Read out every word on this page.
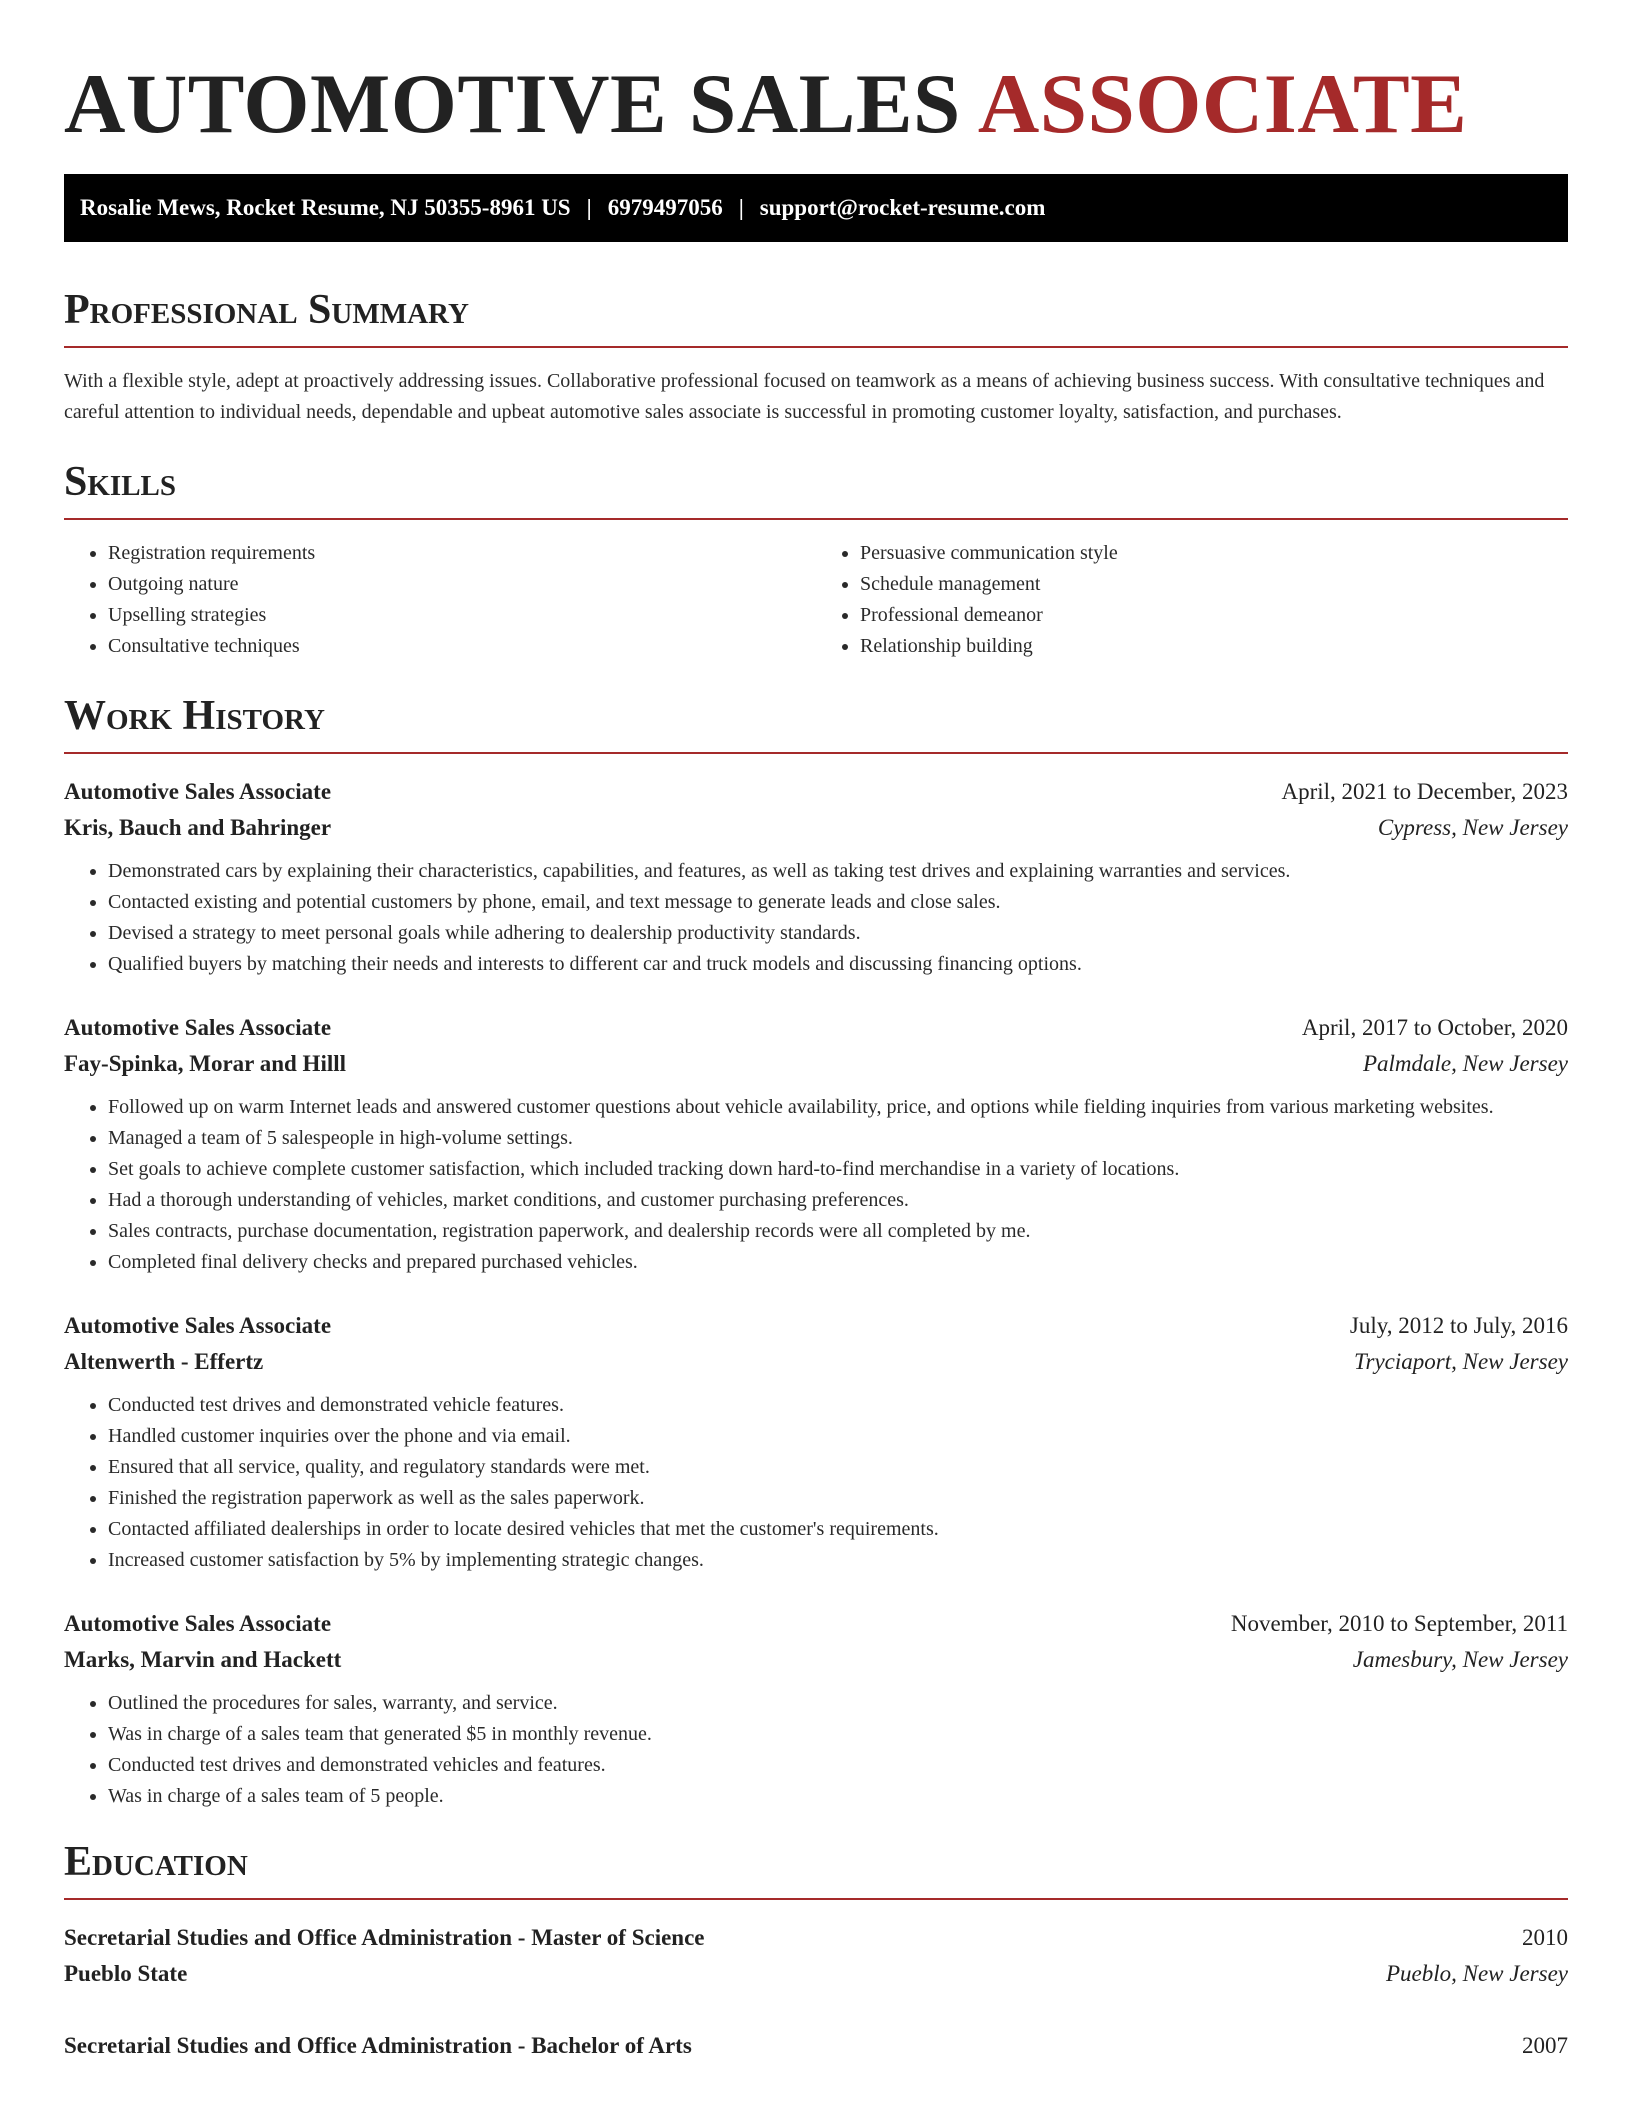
AUTOMOTIVE SALES ASSOCIATE
Rosalie Mews, Rocket Resume, NJ 50355-8961 US | 6979497056 | support@rocket-resume.com
Professional Summary

With a flexible style, adept at proactively addressing issues. Collaborative professional focused on teamwork as a means of achieving business success. With consultative techniques and careful attention to individual needs, dependable and upbeat automotive sales associate is successful in promoting customer loyalty, satisfaction, and purchases.

Skills
• Registration requirements
• Outgoing nature
• Upselling strategies
• Consultative techniques
• Persuasive communication style
• Schedule management
• Professional demeanor
• Relationship building
Work History
Automotive Sales Associate	April, 2021 to December, 2023
Kris, Bauch and Bahringer	Cypress, New Jersey
• Demonstrated cars by explaining their characteristics, capabilities, and features, as well as taking test drives and explaining warranties and services.
• Contacted existing and potential customers by phone, email, and text message to generate leads and close sales.
• Devised a strategy to meet personal goals while adhering to dealership productivity standards.
• Qualified buyers by matching their needs and interests to different car and truck models and discussing financing options.
Automotive Sales Associate	April, 2017 to October, 2020
Fay-Spinka, Morar and Hilll	Palmdale, New Jersey
• Followed up on warm Internet leads and answered customer questions about vehicle availability, price, and options while fielding inquiries from various marketing websites.
• Managed a team of 5 salespeople in high-volume settings.
• Set goals to achieve complete customer satisfaction, which included tracking down hard-to-find merchandise in a variety of locations.
• Had a thorough understanding of vehicles, market conditions, and customer purchasing preferences.
• Sales contracts, purchase documentation, registration paperwork, and dealership records were all completed by me.
• Completed final delivery checks and prepared purchased vehicles.
Automotive Sales Associate	July, 2012 to July, 2016
Altenwerth - Effertz	Tryciaport, New Jersey
• Conducted test drives and demonstrated vehicle features.
• Handled customer inquiries over the phone and via email.
• Ensured that all service, quality, and regulatory standards were met.
• Finished the registration paperwork as well as the sales paperwork.
• Contacted affiliated dealerships in order to locate desired vehicles that met the customer's requirements.
• Increased customer satisfaction by 5% by implementing strategic changes.
Automotive Sales Associate	November, 2010 to September, 2011
Marks, Marvin and Hackett	Jamesbury, New Jersey
• Outlined the procedures for sales, warranty, and service.
• Was in charge of a sales team that generated $5 in monthly revenue.
• Conducted test drives and demonstrated vehicles and features.
• Was in charge of a sales team of 5 people.
Education
Secretarial Studies and Office Administration - Master of Science	2010
Pueblo State	Pueblo, New Jersey
Secretarial Studies and Office Administration - Bachelor of Arts	2007
